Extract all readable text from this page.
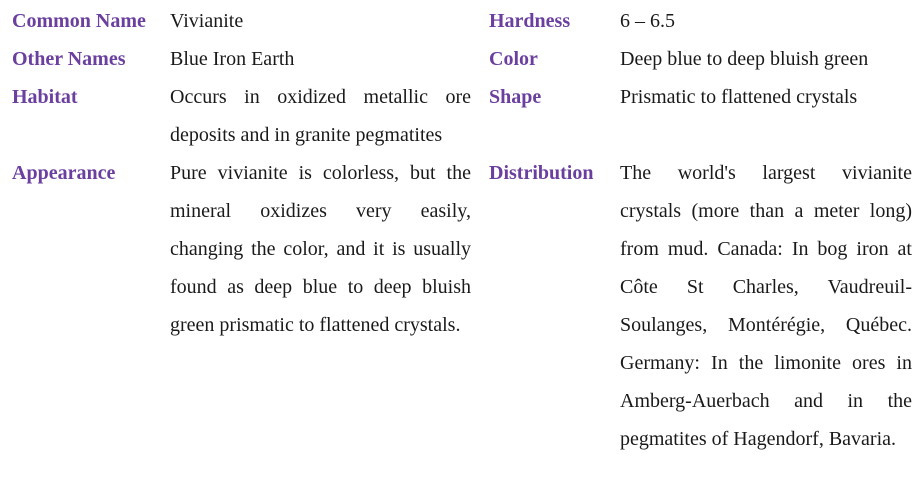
Common Name	Vivianite	Hardness	6 – 6.5
Other Names	Blue Iron Earth	Color	Deep blue to deep bluish green
Habitat	Occurs in oxidized metallic ore deposits and in granite pegmatites	Shape	Prismatic to flattened crystals
Appearance	Pure vivianite is colorless, but the mineral oxidizes very easily, changing the color, and it is usually found as deep blue to deep bluish green prismatic to flattened crystals.	Distribution	The world's largest vivianite crystals (more than a meter long) from mud. Canada: In bog iron at Côte St Charles, Vaudreuil-Soulanges, Montérégie, Québec. Germany: In the limonite ores in Amberg-Auerbach and in the pegmatites of Hagendorf, Bavaria.
